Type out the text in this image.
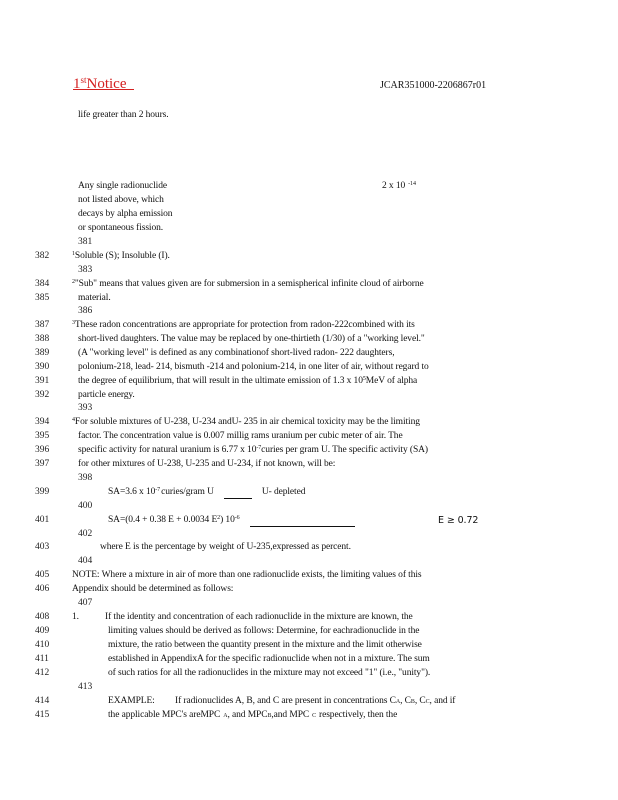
1stNotice	JCAR351000-2206867r01
life greater than 2 hours.
Any single radionuclide
not listed above, which
decays by alpha emission
or spontaneous fission.
2 x 10 $^{-14}$
381
382
383
384
385
386
387
388
389
390
391
392
393
394
395
396
397
398
399
400
401
402
403
404
405
406
407
408
409
410
411
412
413
414
415
$^1$Soluble (S); Insoluble (I).
$^2$"Sub" means that values given are for submersion in a semispherical infinite cloud of airborne
material.
$^3$These radon concentrations are appropriate for protection from radon-222combined with its
short-lived daughters. The value may be replaced by one-thirtieth (1/30) of a "working level."
(A "working level" is defined as any combinationof short-lived radon- 222 daughters,
polonium-218, lead- 214, bismuth -214 and polonium-214, in one liter of air, without regard to
the degree of equilibrium, that will result in the ultimate emission of 1.3 x $10^5MeV$ of alpha
particle energy.
$^4$For soluble mixtures of U-238, U-234 andU- 235 in air chemical toxicity may be the limiting
factor. The concentration value is 0.007 millig rams uranium per cubic meter of air. The
specific activity for natural uranium is 6.77 x $10^{-7}curies$ per gram U. The specific activity (SA)
for other mixtures of U-238, U-235 and U-234, if not known, will be:
SA=3.6 x $10^{-7}curies$/gram U	U- depleted
SA=(0.4 + 0.38 E + 0.0034 $E^2$) $10^{-6}$	E ≥ 0.72
where E is the percentage by weight of U-235,expressed as percent.
NOTE: Where a mixture in air of more than one radionuclide exists, the limiting values of this
Appendix should be determined as follows:
1.	If the identity and concentration of each radionuclide in the mixture are known, the
limiting values should be derived as follows: Determine, for eachradionuclide in the
mixture, the ratio between the quantity present in the mixture and the limit otherwise
established in AppendixA for the specific radionuclide when not in a mixture. The sum
of such ratios for all the radionuclides in the mixture may not exceed "1" (i.e., "unity").
EXAMPLE: If radionuclides A, B, and C are present in concentrations CA, CB, CC, and if
the applicable MPC's areMPC A, and MPCB,and MPC C respectively, then the
